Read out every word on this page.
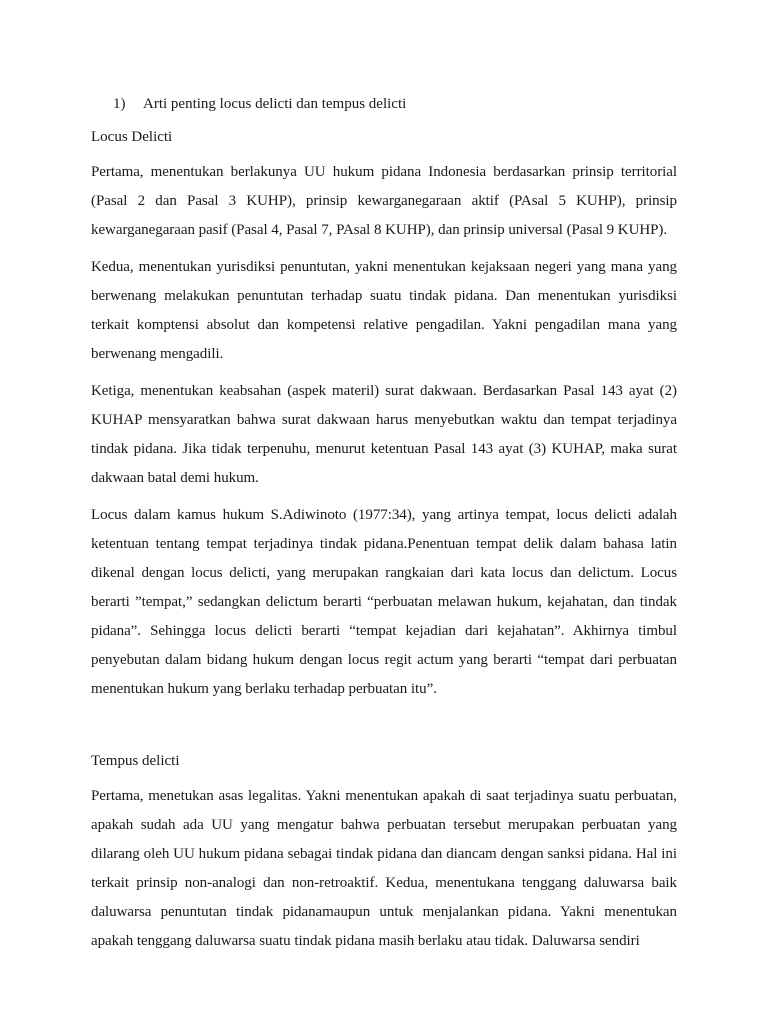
1)	Arti penting locus delicti dan tempus delicti
Locus Delicti

Pertama, menentukan berlakunya UU hukum pidana Indonesia berdasarkan prinsip territorial (Pasal 2 dan Pasal 3 KUHP), prinsip kewarganegaraan aktif (PAsal 5 KUHP), prinsip kewarganegaraan pasif (Pasal 4, Pasal 7, PAsal 8 KUHP), dan prinsip universal (Pasal 9 KUHP).

Kedua, menentukan yurisdiksi penuntutan, yakni menentukan kejaksaan negeri yang mana yang berwenang melakukan penuntutan terhadap suatu tindak pidana. Dan menentukan yurisdiksi terkait komptensi absolut dan kompetensi relative pengadilan. Yakni pengadilan mana yang berwenang mengadili.

Ketiga, menentukan keabsahan (aspek materil) surat dakwaan. Berdasarkan Pasal 143 ayat (2) KUHAP mensyaratkan bahwa surat dakwaan harus menyebutkan waktu dan tempat terjadinya tindak pidana. Jika tidak terpenuhu, menurut ketentuan Pasal 143 ayat (3) KUHAP, maka surat dakwaan batal demi hukum.

Locus dalam kamus hukum S.Adiwinoto (1977:34), yang artinya tempat, locus delicti adalah ketentuan tentang tempat terjadinya tindak pidana.Penentuan tempat delik dalam bahasa latin dikenal dengan locus delicti, yang merupakan rangkaian dari kata locus dan delictum. Locus berarti ”tempat,” sedangkan delictum berarti “perbuatan melawan hukum, kejahatan, dan tindak pidana”. Sehingga locus delicti berarti “tempat kejadian dari kejahatan”. Akhirnya timbul penyebutan dalam bidang hukum dengan locus regit actum yang berarti “tempat dari perbuatan menentukan hukum yang berlaku terhadap perbuatan itu”.

Tempus delicti

Pertama, menetukan asas legalitas. Yakni menentukan apakah di saat terjadinya suatu perbuatan, apakah sudah ada UU yang mengatur bahwa perbuatan tersebut merupakan perbuatan yang dilarang oleh UU hukum pidana sebagai tindak pidana dan diancam dengan sanksi pidana. Hal ini terkait prinsip non-analogi dan non-retroaktif. Kedua, menentukana tenggang daluwarsa baik daluwarsa penuntutan tindak pidanamaupun untuk menjalankan pidana. Yakni menentukan apakah tenggang daluwarsa suatu tindak pidana masih berlaku atau tidak. Daluwarsa sendiri
